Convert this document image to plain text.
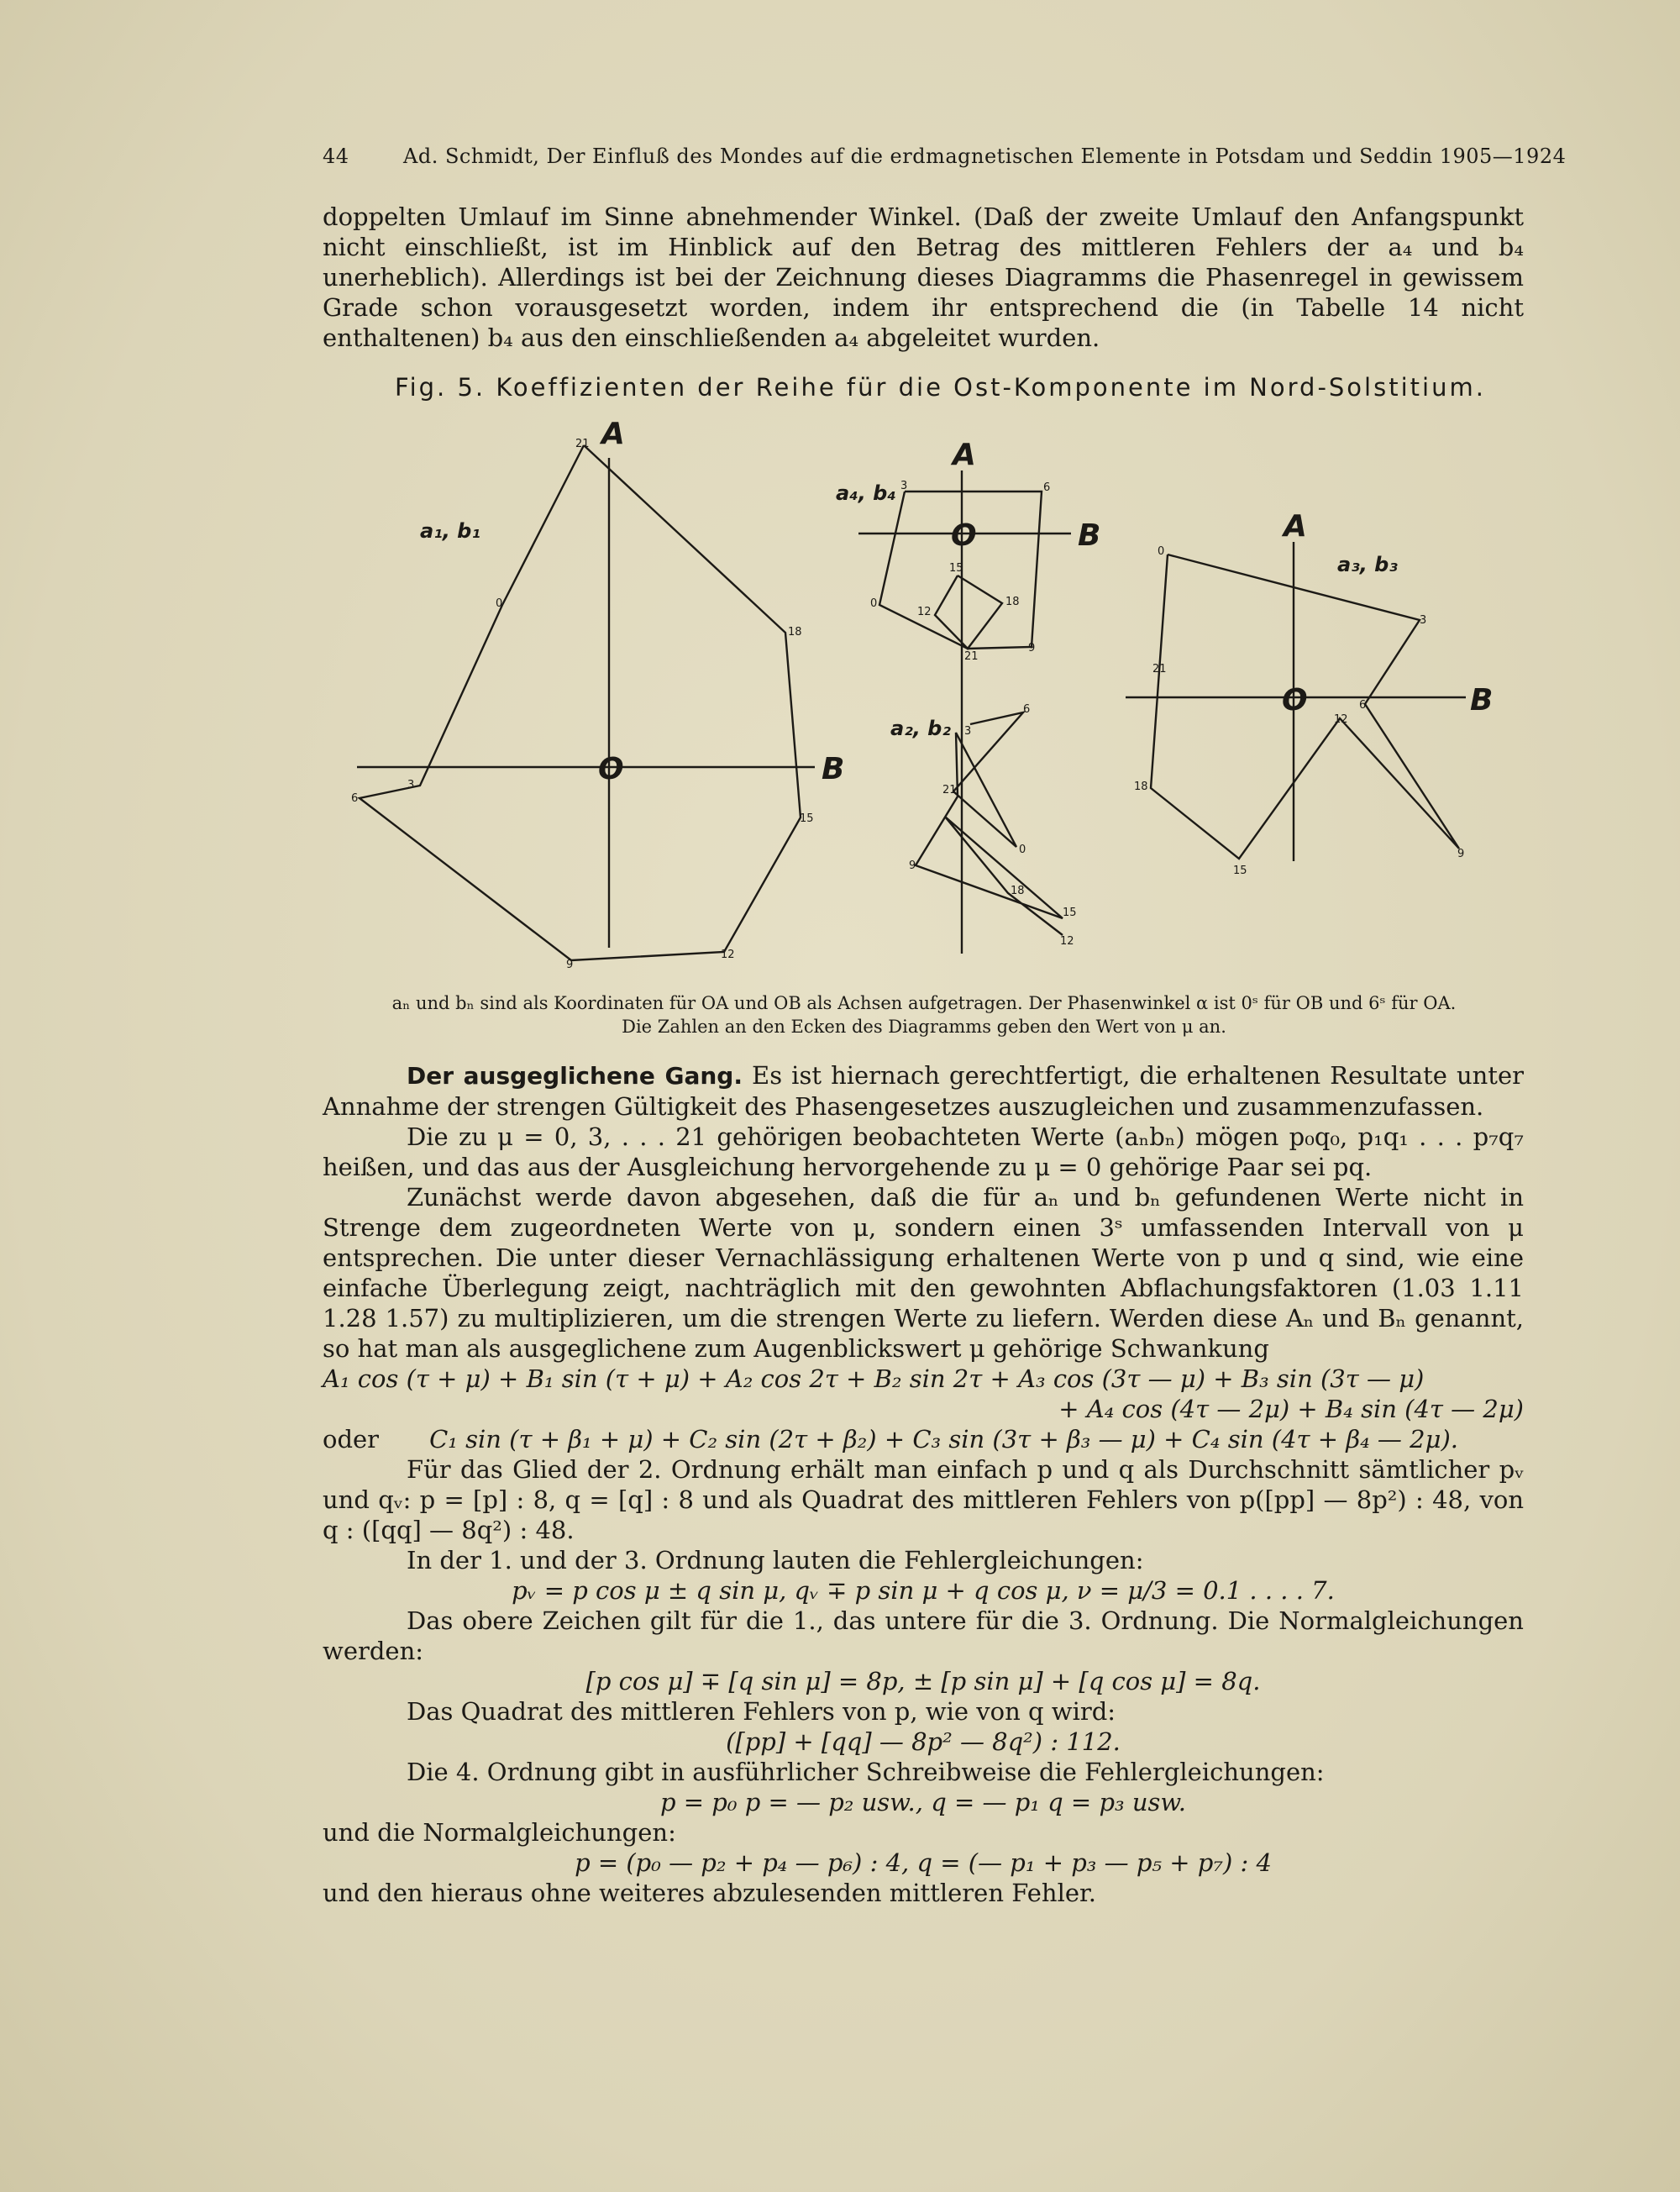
44	Ad. Schmidt, Der Einfluß des Mondes auf die erdmagnetischen Elemente in Potsdam und Seddin 1905—1924

doppelten Umlauf im Sinne abnehmender Winkel. (Daß der zweite Umlauf den Anfangspunkt nicht einschließt, ist im Hinblick auf den Betrag des mittleren Fehlers der a₄ und b₄ unerheblich). Allerdings ist bei der Zeichnung dieses Diagramms die Phasenregel in gewissem Grade schon vorausgesetzt worden, indem ihr entsprechend die (in Tabelle 14 nicht enthaltenen) b₄ aus den einschließenden a₄ abgeleitet wurden.

Fig. 5. Koeffizienten der Reihe für die Ost-Komponente im Nord-Solstitium.
A
B
O
A
B
O	A
B
O
a₁, b₁
a₄, b₄
a₂, b₂
a₃, b₃
21
0
18
3
6
15
9
12
3	6
0
15
12
18
21
9
3
6
21
0
9
18
15
12
0
3
21
6
12
18
15
9
aₙ und bₙ sind als Koordinaten für OA und OB als Achsen aufgetragen. Der Phasenwinkel α ist 0ˢ für OB und 6ˢ für OA.
Die Zahlen an den Ecken des Diagramms geben den Wert von μ an.

Der ausgeglichene Gang. Es ist hiernach gerechtfertigt, die erhaltenen Resultate unter Annahme der strengen Gültigkeit des Phasengesetzes auszugleichen und zusammenzufassen.

Die zu μ = 0, 3, . . . 21 gehörigen beobachteten Werte (aₙbₙ) mögen p₀q₀, p₁q₁ . . . p₇q₇ heißen, und das aus der Ausgleichung hervorgehende zu μ = 0 gehörige Paar sei pq.

Zunächst werde davon abgesehen, daß die für aₙ und bₙ gefundenen Werte nicht in Strenge dem zugeordneten Werte von μ, sondern einen 3ˢ umfassenden Intervall von μ entsprechen. Die unter dieser Vernachlässigung erhaltenen Werte von p und q sind, wie eine einfache Überlegung zeigt, nachträglich mit den gewohnten Abflachungsfaktoren (1.03 1.11 1.28 1.57) zu multiplizieren, um die strengen Werte zu liefern. Werden diese Aₙ und Bₙ genannt, so hat man als ausgeglichene zum Augenblickswert μ gehörige Schwankung

A₁ cos (τ + μ) + B₁ sin (τ + μ) + A₂ cos 2τ + B₂ sin 2τ + A₃ cos (3τ — μ) + B₃ sin (3τ — μ)

+ A₄ cos (4τ — 2μ) + B₄ sin (4τ — 2μ)

oder C₁ sin (τ + β₁ + μ) + C₂ sin (2τ + β₂) + C₃ sin (3τ + β₃ — μ) + C₄ sin (4τ + β₄ — 2μ).

Für das Glied der 2. Ordnung erhält man einfach p und q als Durchschnitt sämtlicher pᵥ und qᵥ: p = [p] : 8, q = [q] : 8 und als Quadrat des mittleren Fehlers von p([pp] — 8p²) : 48, von q : ([qq] — 8q²) : 48.

In der 1. und der 3. Ordnung lauten die Fehlergleichungen:

pᵥ = p cos μ ± q sin μ, qᵥ ∓ p sin μ + q cos μ, ν = μ/3 = 0.1 . . . . 7.

Das obere Zeichen gilt für die 1., das untere für die 3. Ordnung. Die Normalgleichungen werden:

[p cos μ] ∓ [q sin μ] = 8p, ± [p sin μ] + [q cos μ] = 8q.

Das Quadrat des mittleren Fehlers von p, wie von q wird:

([pp] + [qq] — 8p² — 8q²) : 112.

Die 4. Ordnung gibt in ausführlicher Schreibweise die Fehlergleichungen:

p = p₀ p = — p₂ usw., q = — p₁ q = p₃ usw.

und die Normalgleichungen:

p = (p₀ — p₂ + p₄ — p₆) : 4, q = (— p₁ + p₃ — p₅ + p₇) : 4

und den hieraus ohne weiteres abzulesenden mittleren Fehler.
